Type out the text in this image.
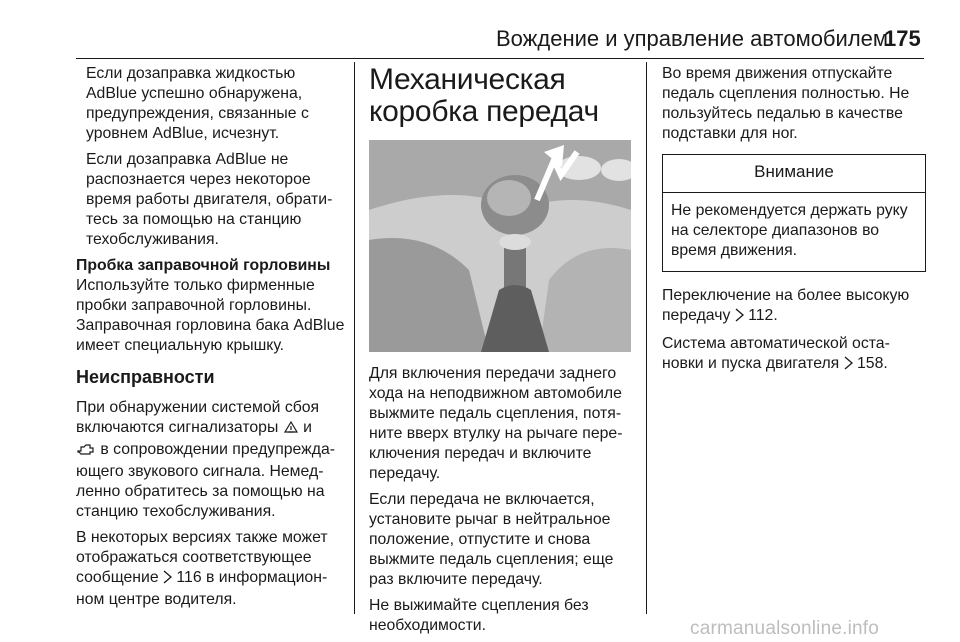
Вождение и управление автомобилем
175

Если дозаправка жидкостью AdBlue успешно обнаружена, предупреждения, связанные с уровнем AdBlue, исчезнут.

Если дозаправка AdBlue не распознается через некоторое время работы двигателя, обратитесь за помощью на станцию техобслуживания.

Пробка заправочной горловины

Используйте только фирменные пробки заправочной горловины. Заправочная горловина бака AdBlue имеет специальную крышку.

Неисправности

При обнаружении системой сбоя включаются сигнализаторы и
в сопровождении предупреждающего звукового сигнала. Немедленно обратитесь за помощью на станцию техобслуживания.

В некоторых версиях также может отображаться соответствующее сообщение 116 в информационном центре водителя.

Механическая коробка передач

Для включения передачи заднего хода на неподвижном автомобиле выжмите педаль сцепления, потяните вверх втулку на рычаге переключения передач и включите передачу.

Если передача не включается, установите рычаг в нейтральное положение, отпустите и снова выжмите педаль сцепления; еще раз включите передачу.

Не выжимайте сцепления без необходимости.

Во время движения отпускайте педаль сцепления полностью. Не пользуйтесь педалью в качестве подставки для ног.

Внимание
Не рекомендуется держать руку на селекторе диапазонов во время движения.

Переключение на более высокую передачу 112.

Система автоматической остановки и пуска двигателя 158.

carmanualsonline.info
